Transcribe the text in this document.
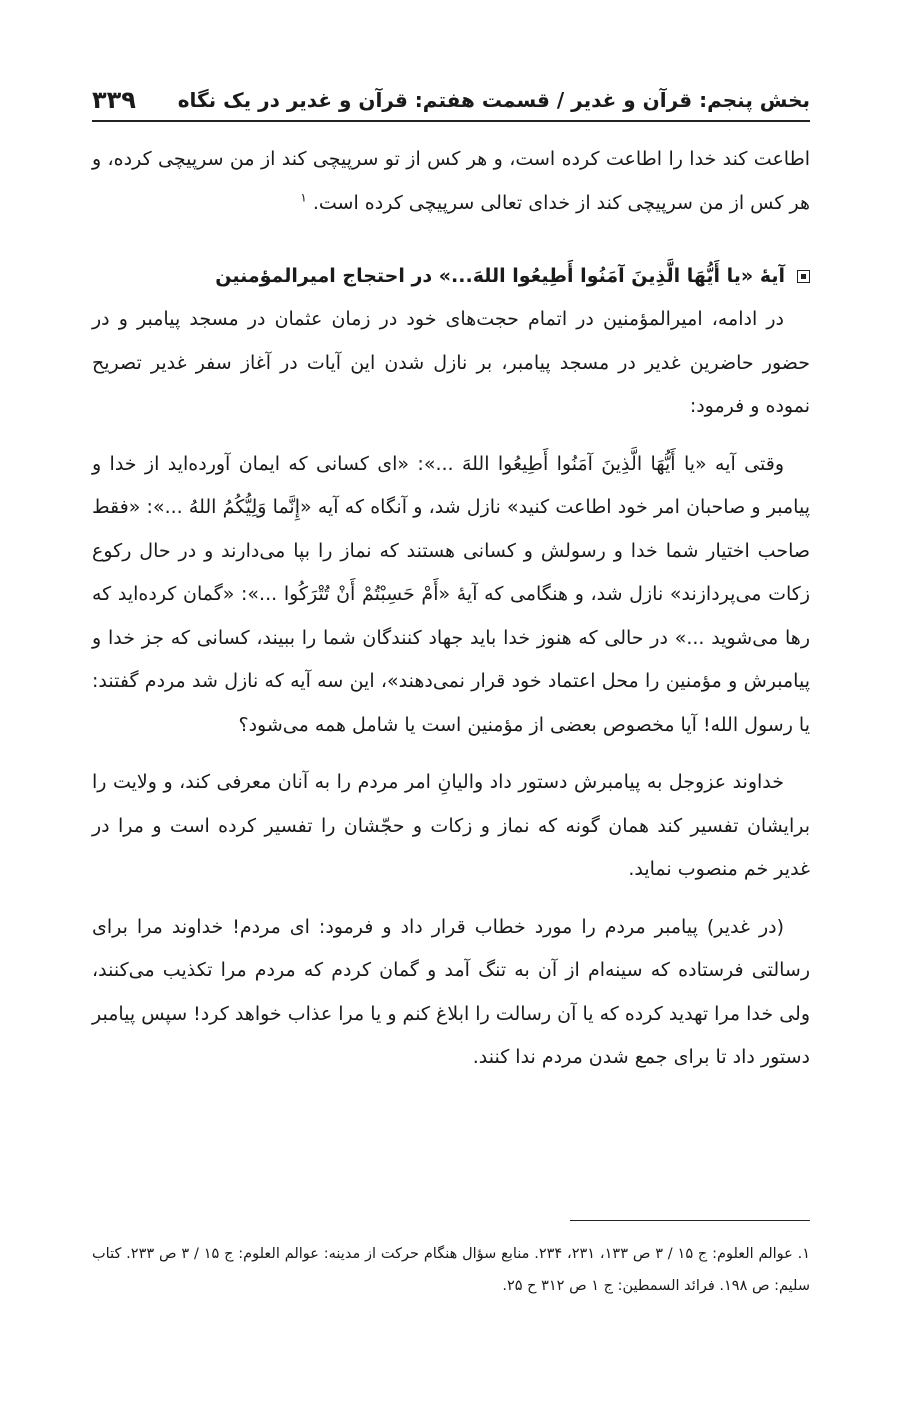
بخش پنجم: قرآن و غدیر / قسمت هفتم: قرآن و غدیر در یک نگاه
۳۳۹

اطاعت کند خدا را اطاعت کرده است، و هر کس از تو سرپیچی کند از من سرپیچی کرده، و هر کس از من سرپیچی کند از خدای تعالی سرپیچی کرده است. $^۱$

آیهٔ «یا أَیُّهَا الَّذِینَ آمَنُوا أَطِیعُوا اللهَ...» در احتجاج امیرالمؤمنین

در ادامه، امیرالمؤمنین در اتمام حجت‌های خود در زمان عثمان در مسجد پیامبر و در حضور حاضرین غدیر در مسجد پیامبر، بر نازل شدن این آیات در آغاز سفر غدیر تصریح نموده و فرمود:

وقتی آیه «یا أَیُّهَا الَّذِینَ آمَنُوا أَطِیعُوا اللهَ ...»: «ای کسانی که ایمان آورده‌اید از خدا و پیامبر و صاحبان امر خود اطاعت کنید» نازل شد، و آنگاه که آیه «إِنَّما وَلِیُّکُمُ اللهُ ...»: «فقط صاحب اختیار شما خدا و رسولش و کسانی هستند که نماز را بپا می‌دارند و در حال رکوع زکات می‌پردازند» نازل شد، و هنگامی که آیهٔ «أَمْ حَسِبْتُمْ أَنْ تُتْرَکُوا ...»: «گمان کرده‌اید که رها می‌شوید ...» در حالی که هنوز خدا باید جهاد کنندگان شما را ببیند، کسانی که جز خدا و پیامبرش و مؤمنین را محل اعتماد خود قرار نمی‌دهند»، این سه آیه که نازل شد مردم گفتند: یا رسول الله! آیا مخصوص بعضی از مؤمنین است یا شامل همه می‌شود؟

خداوند عزوجل به پیامبرش دستور داد والیانِ امر مردم را به آنان معرفی کند، و ولایت را برایشان تفسیر کند همان گونه که نماز و زکات و حجّشان را تفسیر کرده است و مرا در غدیر خم منصوب نماید.

(در غدیر) پیامبر مردم را مورد خطاب قرار داد و فرمود: ای مردم! خداوند مرا برای رسالتی فرستاده که سینه‌ام از آن به تنگ آمد و گمان کردم که مردم مرا تکذیب می‌کنند، ولی خدا مرا تهدید کرده که یا آن رسالت را ابلاغ کنم و یا مرا عذاب خواهد کرد! سپس پیامبر دستور داد تا برای جمع شدن مردم ندا کنند.

۱. عوالم العلوم: ج ۱۵ / ۳ ص ۱۳۳، ۲۳۱، ۲۳۴. منابع سؤال هنگام حرکت از مدینه: عوالم العلوم: ج ۱۵ / ۳ ص ۲۳۳. کتاب سلیم: ص ۱۹۸. فرائد السمطین: ج ۱ ص ۳۱۲ ح ۲۵.
